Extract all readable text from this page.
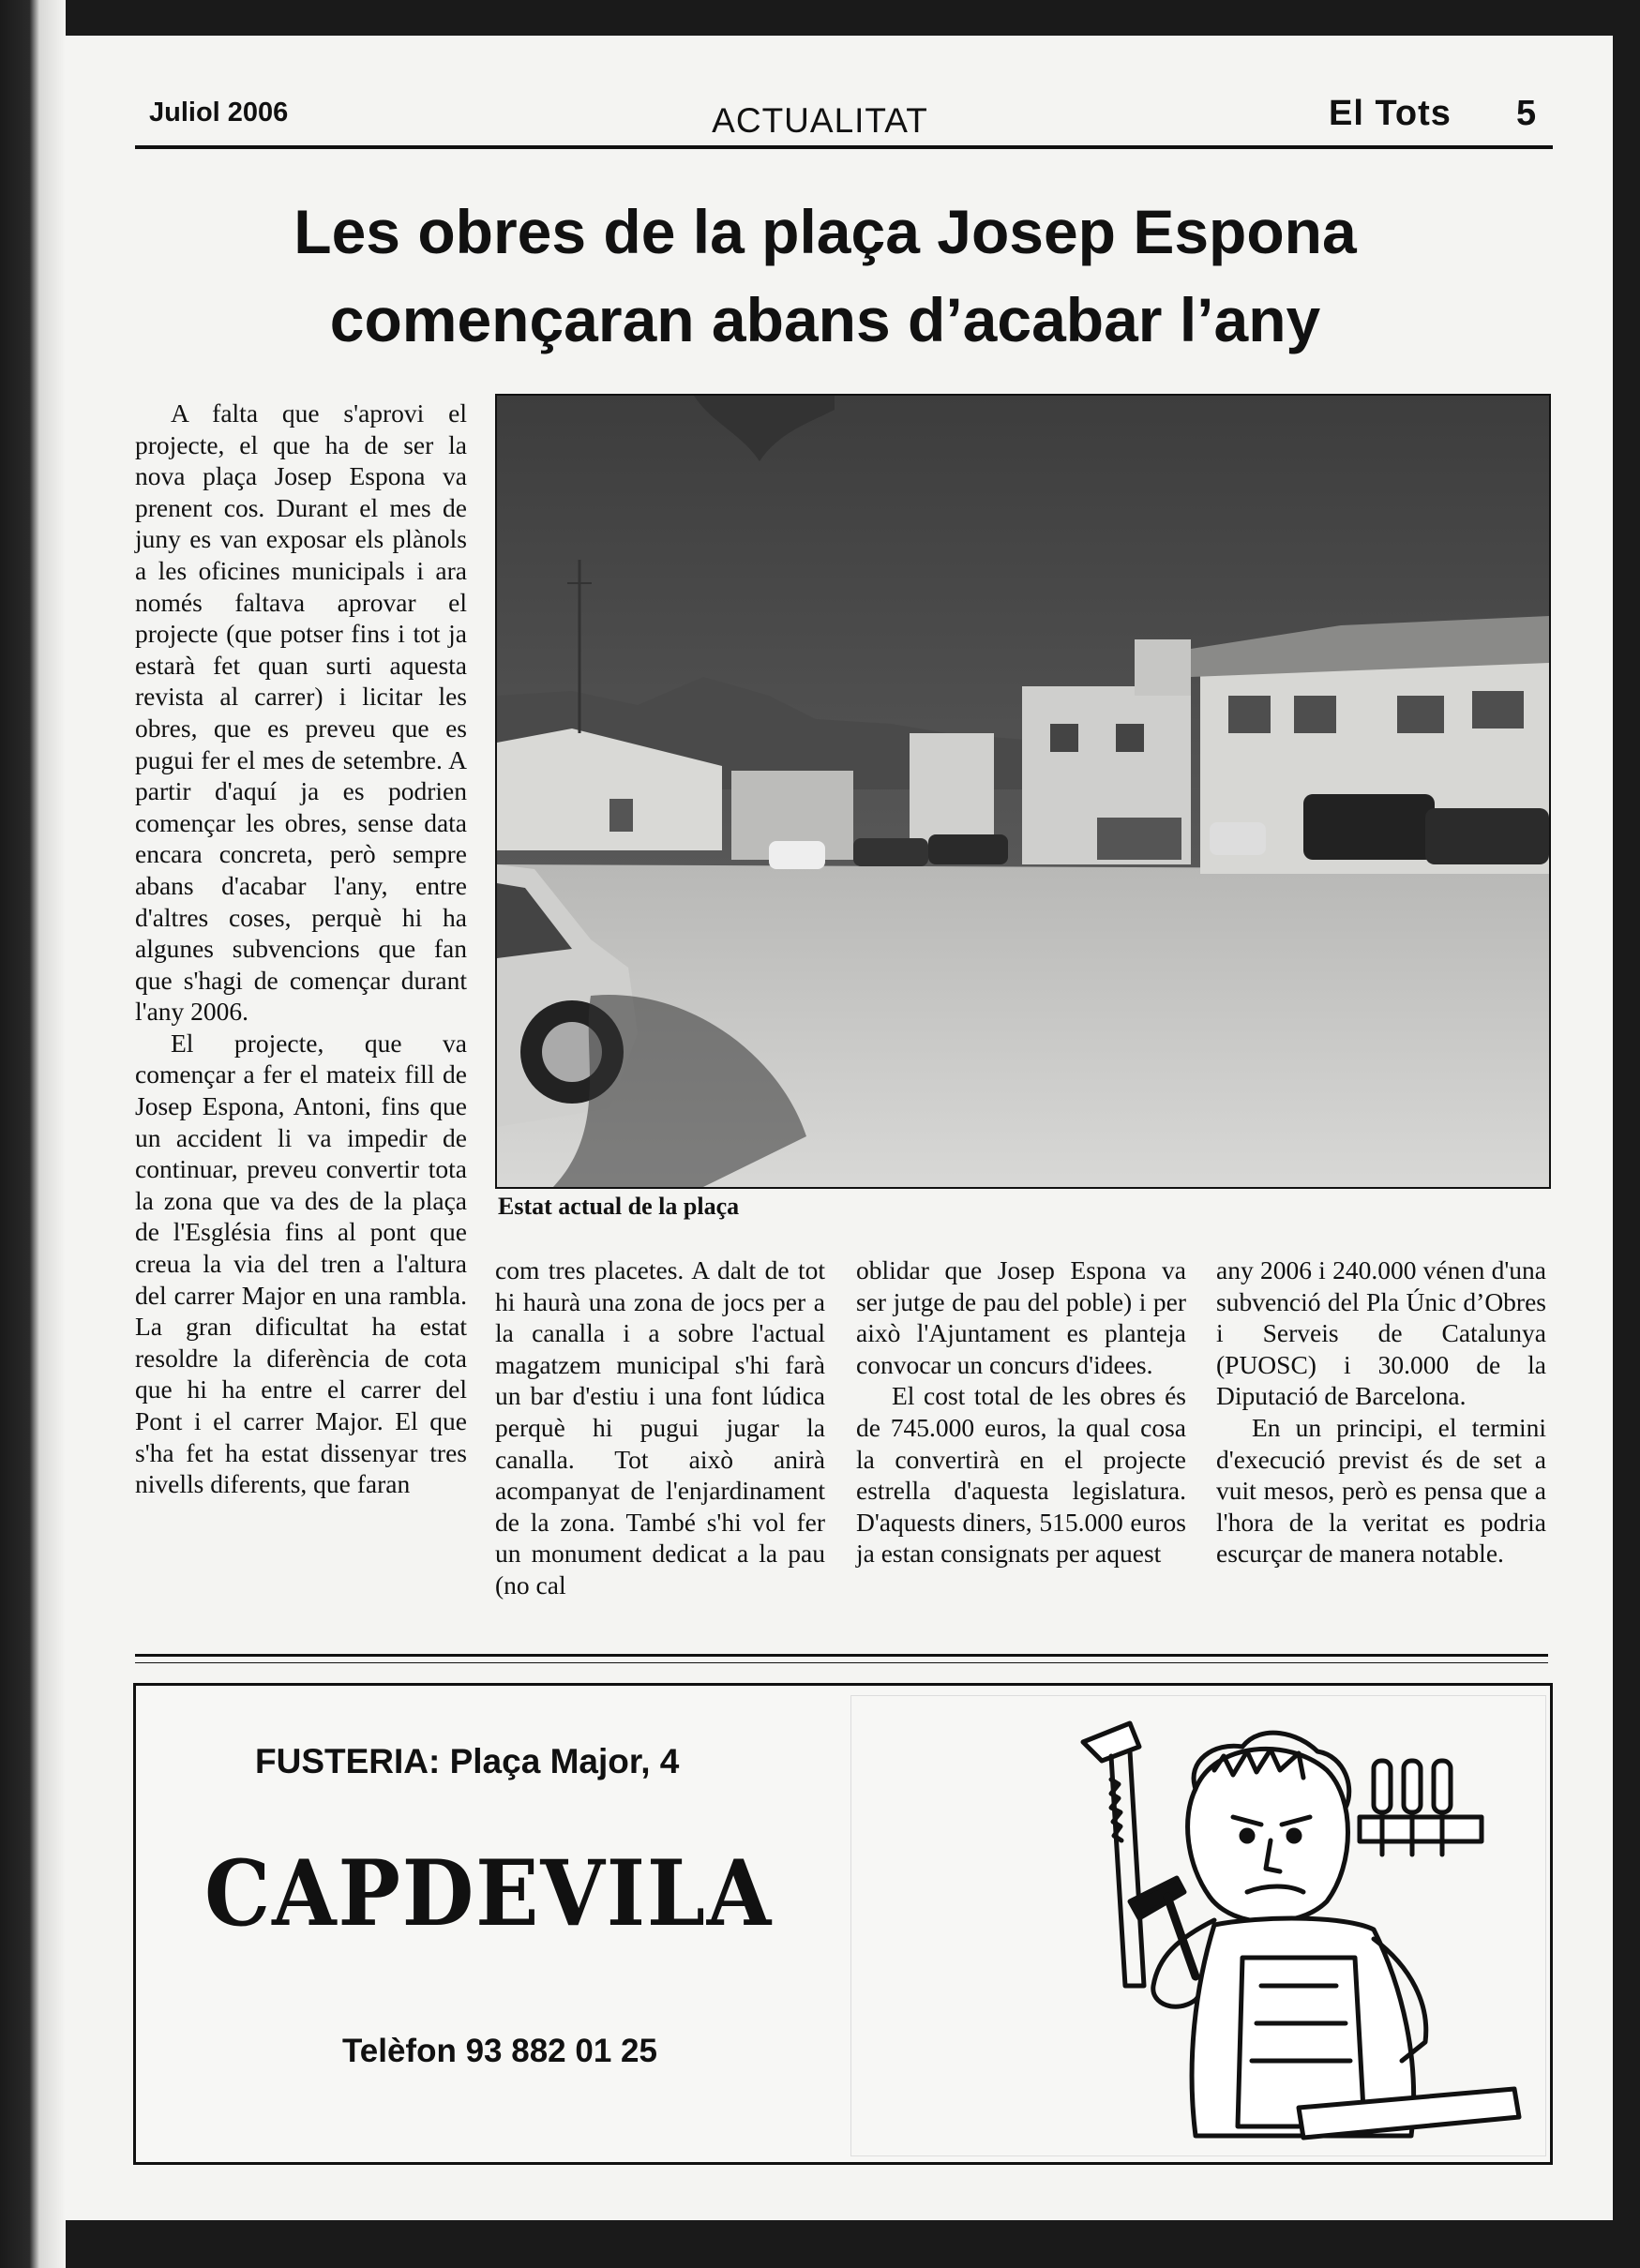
Juliol 2006	ACTUALITAT	El Tots 5
Les obres de la plaça Josep Espona
començaran abans d’acabar l’any

A falta que s'aprovi el projecte, el que ha de ser la nova plaça Josep Espona va prenent cos. Durant el mes de juny es van exposar els plànols a les oficines municipals i ara només faltava aprovar el projecte (que potser fins i tot ja estarà fet quan surti aquesta revista al carrer) i licitar les obres, que es preveu que es pugui fer el mes de setembre. A partir d'aquí ja es podrien començar les obres, sense data encara concreta, però sempre abans d'acabar l'any, entre d'altres coses, perquè hi ha algunes subvencions que fan que s'hagi de començar durant l'any 2006.

El projecte, que va començar a fer el mateix fill de Josep Espona, Antoni, fins que un accident li va impedir de continuar, preveu convertir tota la zona que va des de la plaça de l'Església fins al pont que creua la via del tren a l'altura del carrer Major en una rambla. La gran dificultat ha estat resoldre la diferència de cota que hi ha entre el carrer del Pont i el carrer Major. El que s'ha fet ha estat dissenyar tres nivells diferents, que faran

Estat actual de la plaça

com tres placetes. A dalt de tot hi haurà una zona de jocs per a la canalla i a sobre l'actual magatzem municipal s'hi farà un bar d'estiu i una font lúdica perquè hi pugui jugar la canalla. Tot això anirà acompanyat de l'enjardinament de la zona. També s'hi vol fer un monument dedicat a la pau (no cal

oblidar que Josep Espona va ser jutge de pau del poble) i per això l'Ajuntament es planteja convocar un concurs d'idees.

El cost total de les obres és de 745.000 euros, la qual cosa la convertirà en el projecte estrella d'aquesta legislatura. D'aquests diners, 515.000 euros ja estan consignats per aquest

any 2006 i 240.000 vénen d'una subvenció del Pla Únic d’Obres i Serveis de Catalunya (PUOSC) i 30.000 de la Diputació de Barcelona.

En un principi, el termini d'execució previst és de set a vuit mesos, però es pensa que a l'hora de la veritat es podria escurçar de manera notable.

FUSTERIA: Plaça Major, 4
CAPDEVILA
Telèfon 93 882 01 25
